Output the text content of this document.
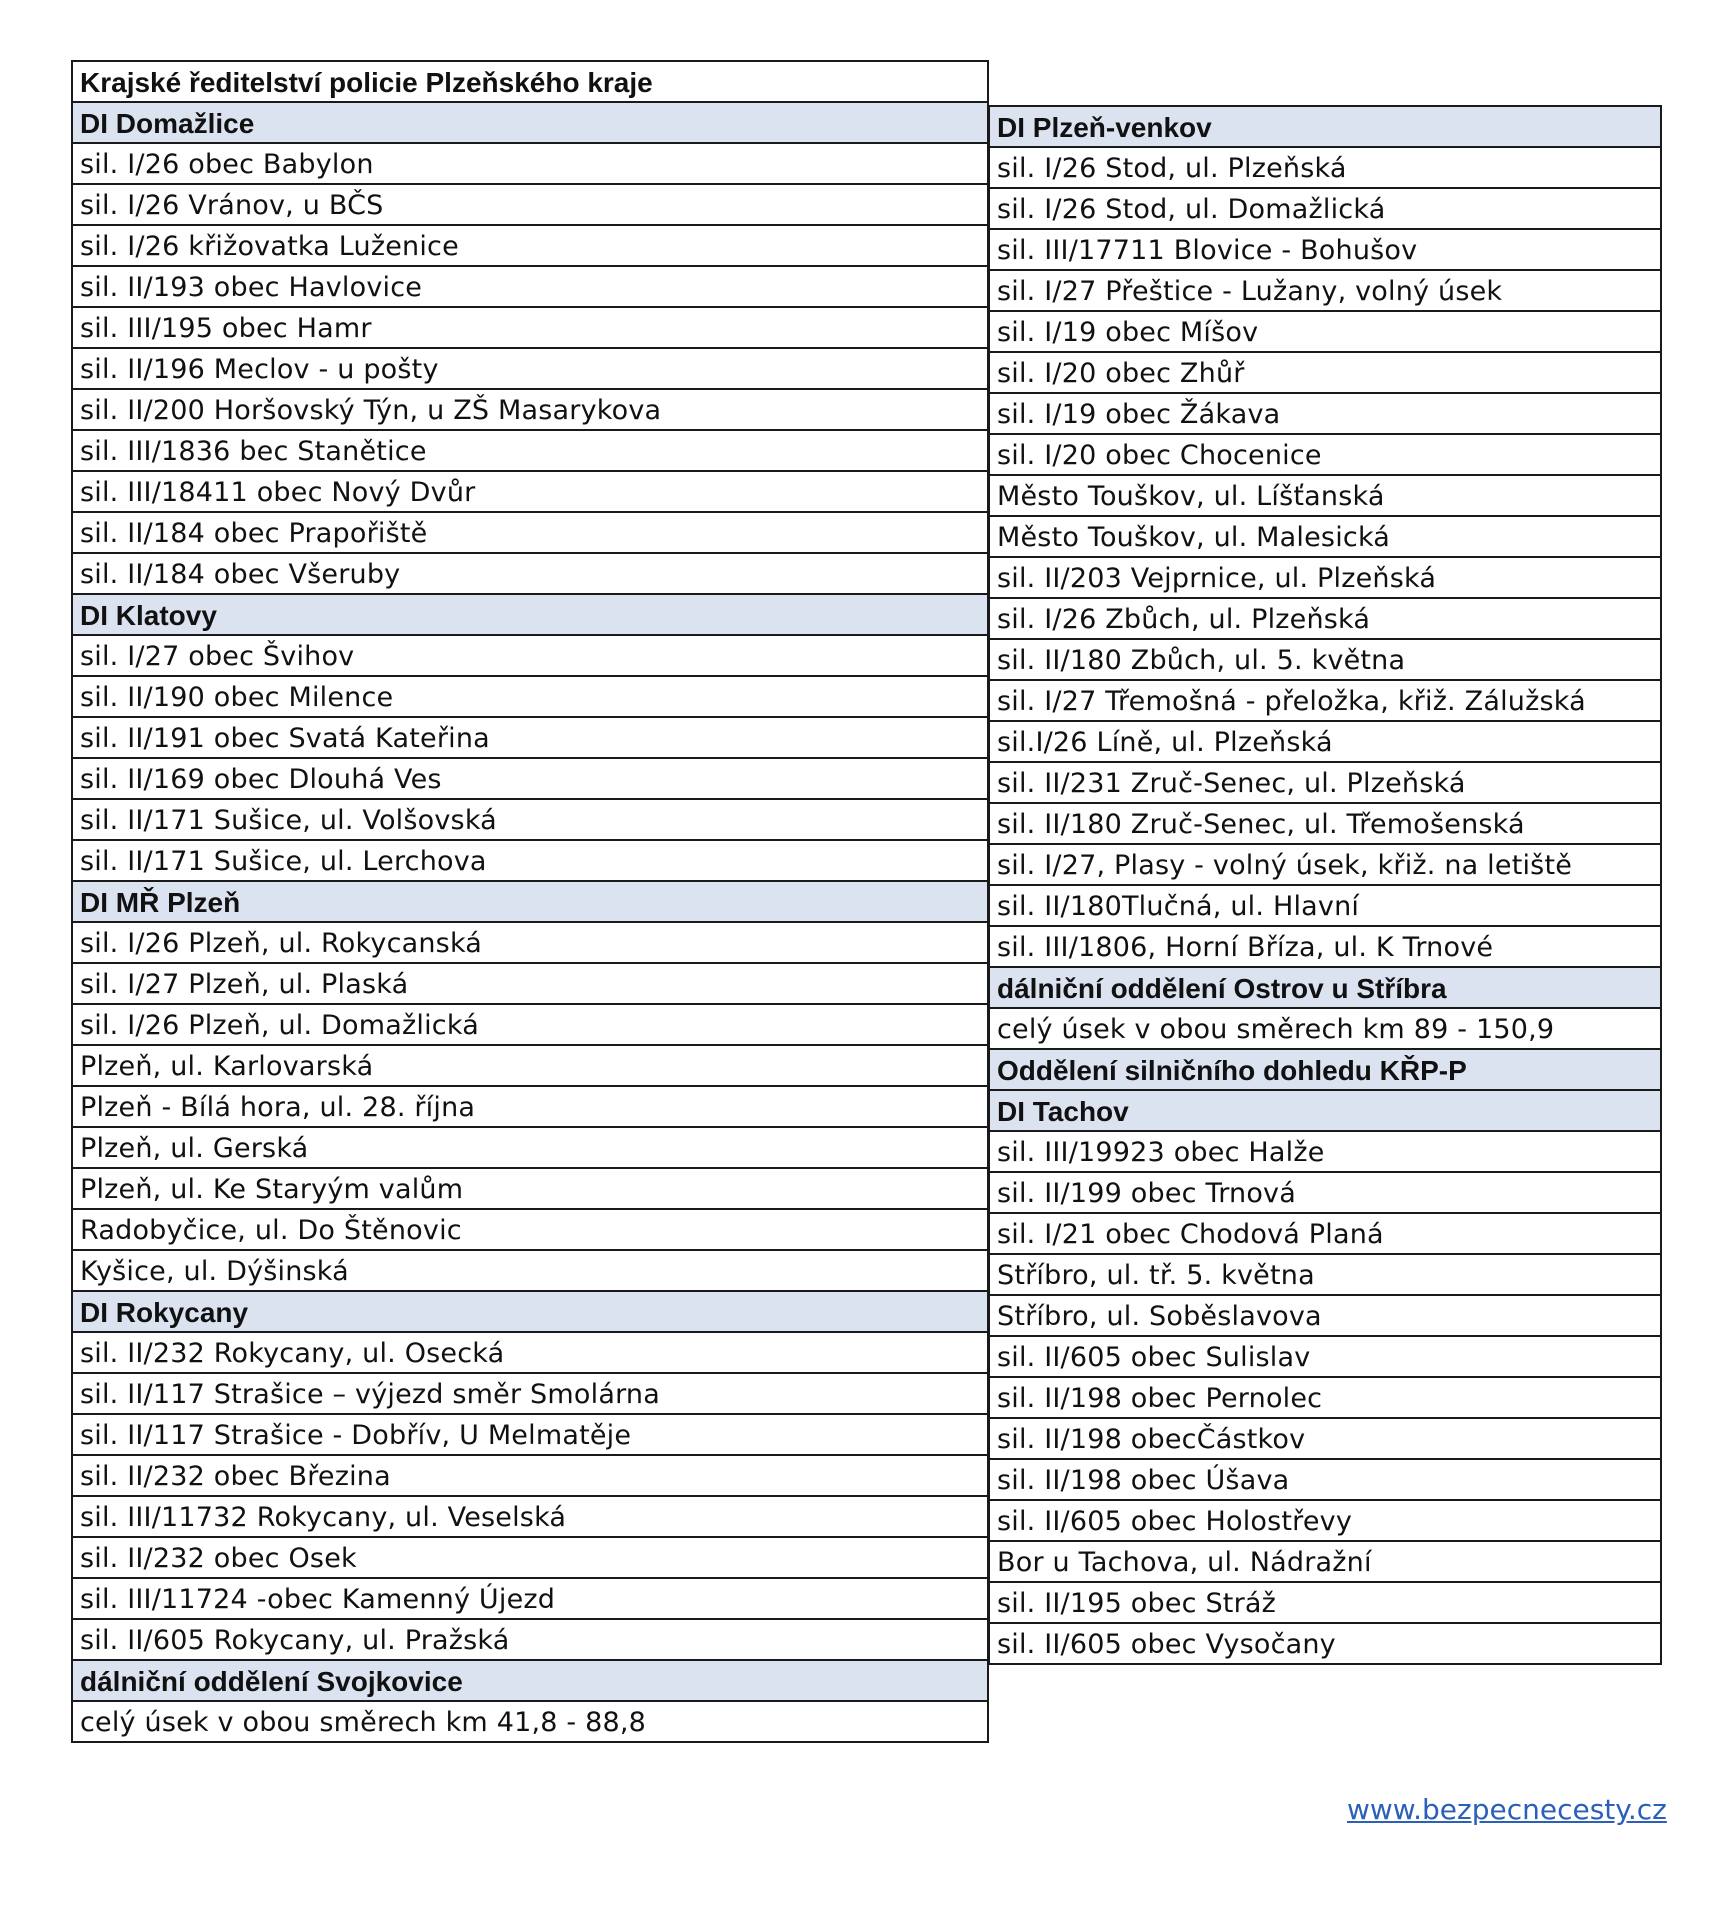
Krajské ředitelství policie Plzeňského kraje
DI Domažlice
sil. I/26 obec Babylon
sil. I/26 Vránov, u BČS
sil. I/26 křižovatka Luženice
sil. II/193 obec Havlovice
sil. III/195 obec Hamr
sil. II/196 Meclov - u pošty
sil. II/200 Horšovský Týn, u ZŠ Masarykova
sil. III/1836 bec Stanětice
sil. III/18411 obec Nový Dvůr
sil. II/184 obec Prapořiště
sil. II/184 obec Všeruby
DI Klatovy
sil. I/27 obec Švihov
sil. II/190 obec Milence
sil. II/191 obec Svatá Kateřina
sil. II/169 obec Dlouhá Ves
sil. II/171 Sušice, ul. Volšovská
sil. II/171 Sušice, ul. Lerchova
DI MŘ Plzeň
sil. I/26 Plzeň, ul. Rokycanská
sil. I/27 Plzeň, ul. Plaská
sil. I/26 Plzeň, ul. Domažlická
Plzeň, ul. Karlovarská
Plzeň - Bílá hora, ul. 28. října
Plzeň, ul. Gerská
Plzeň, ul. Ke Staryým valům
Radobyčice, ul. Do Štěnovic
Kyšice, ul. Dýšinská
DI Rokycany
sil. II/232 Rokycany, ul. Osecká
sil. II/117 Strašice – výjezd směr Smolárna
sil. II/117 Strašice - Dobřív, U Melmatěje
sil. II/232 obec Březina
sil. III/11732 Rokycany, ul. Veselská
sil. II/232 obec Osek
sil. III/11724 -obec Kamenný Újezd
sil. II/605 Rokycany, ul. Pražská
dálniční oddělení Svojkovice
celý úsek v obou směrech km 41,8 - 88,8
DI Plzeň-venkov
sil. I/26 Stod, ul. Plzeňská
sil. I/26 Stod, ul. Domažlická
sil. III/17711 Blovice - Bohušov
sil. I/27 Přeštice - Lužany, volný úsek
sil. I/19 obec Míšov
sil. I/20 obec Zhůř
sil. I/19 obec Žákava
sil. I/20 obec Chocenice
Město Touškov, ul. Líšťanská
Město Touškov, ul. Malesická
sil. II/203 Vejprnice, ul. Plzeňská
sil. I/26 Zbůch, ul. Plzeňská
sil. II/180 Zbůch, ul. 5. května
sil. I/27 Třemošná - přeložka, křiž. Zálužská
sil.I/26 Líně, ul. Plzeňská
sil. II/231 Zruč-Senec, ul. Plzeňská
sil. II/180 Zruč-Senec, ul. Třemošenská
sil. I/27, Plasy - volný úsek, křiž. na letiště
sil. II/180Tlučná, ul. Hlavní
sil. III/1806, Horní Bříza, ul. K Trnové
dálniční oddělení Ostrov u Stříbra
celý úsek v obou směrech km 89 - 150,9
Oddělení silničního dohledu KŘP-P
DI Tachov
sil. III/19923 obec Halže
sil. II/199 obec Trnová
sil. I/21 obec Chodová Planá
Stříbro, ul. tř. 5. května
Stříbro, ul. Soběslavova
sil. II/605 obec Sulislav
sil. II/198 obec Pernolec
sil. II/198 obecČástkov
sil. II/198 obec Úšava
sil. II/605 obec Holostřevy
Bor u Tachova, ul. Nádražní
sil. II/195 obec Stráž
sil. II/605 obec Vysočany
www.bezpecnecesty.cz
